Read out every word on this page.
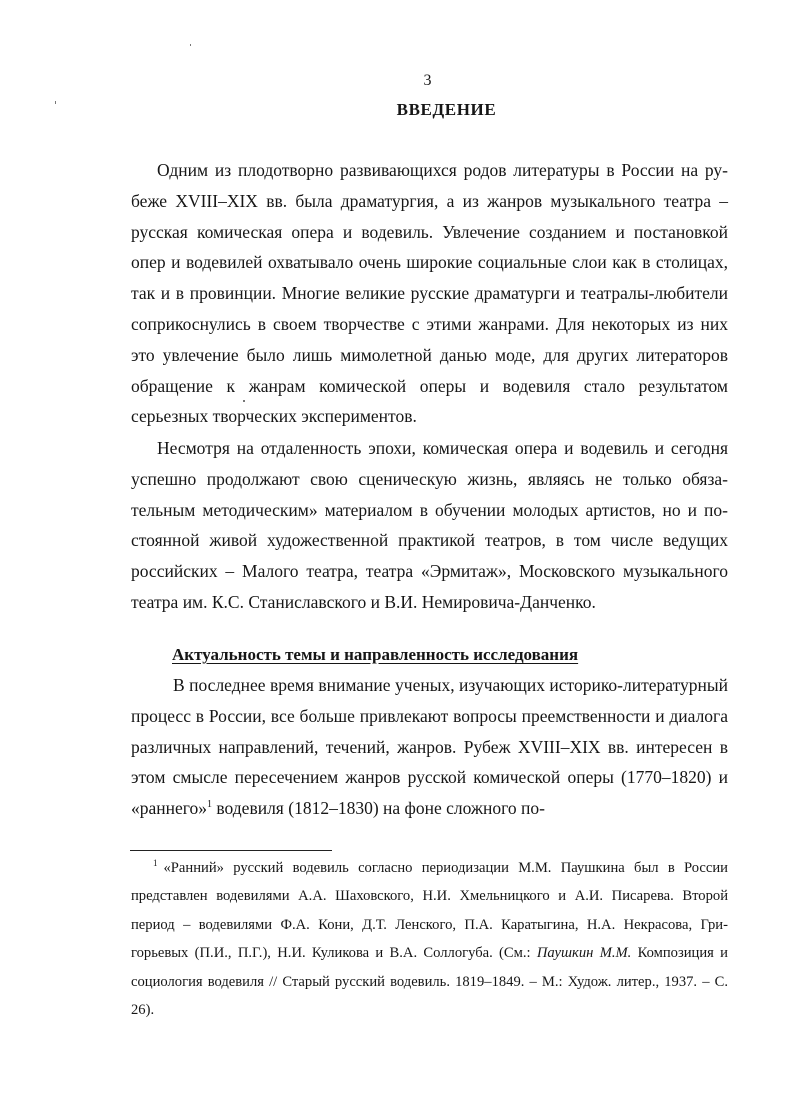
3
ВВЕДЕНИЕ

Одним из плодотворно развивающихся родов литературы в России на рубеже XVIII–XIX вв. была драматургия, а из жанров музыкального театра – русская комическая опера и водевиль. Увлечение созданием и постановкой опер и водевилей охватывало очень широкие социальные слои как в столицах, так и в провинции. Многие великие русские драматурги и театралы-любители соприкоснулись в своем творчестве с этими жанрами. Для некоторых из них это увлечение было лишь мимолетной данью моде, для других литераторов обращение к жанрам комической оперы и водевиля стало результатом серьезных творческих экспериментов.

Несмотря на отдаленность эпохи, комическая опера и водевиль и сегодня успешно продолжают свою сценическую жизнь, являясь не только обязательным методическим» материалом в обучении молодых артистов, но и постоянной живой художественной практикой театров, в том числе ведущих российских – Малого театра, театра «Эрмитаж», Московского музыкального театра им. К.С. Станиславского и В.И. Немировича-Данченко.

Актуальность темы и направленность исследования

В последнее время внимание ученых, изучающих историко-литературный процесс в России, все больше привлекают вопросы преемственности и диалога различных направлений, течений, жанров. Рубеж XVIII–XIX вв. интересен в этом смысле пересечением жанров русской комической оперы (1770–1820) и «раннего»$^1$ водевиля (1812–1830) на фоне сложного по-

$^1$ «Ранний» русский водевиль согласно периодизации М.М. Паушкина был в России представлен водевилями А.А. Шаховского, Н.И. Хмельницкого и А.И. Писарева. Второй период – водевилями Ф.А. Кони, Д.Т. Ленского, П.А. Каратыгина, Н.А. Некрасова, Григорьевых (П.И., П.Г.), Н.И. Куликова и В.А. Соллогуба. (См.: Паушкин М.М. Композиция и социология водевиля // Старый русский водевиль. 1819–1849. – М.: Худож. литер., 1937. – С. 26).
